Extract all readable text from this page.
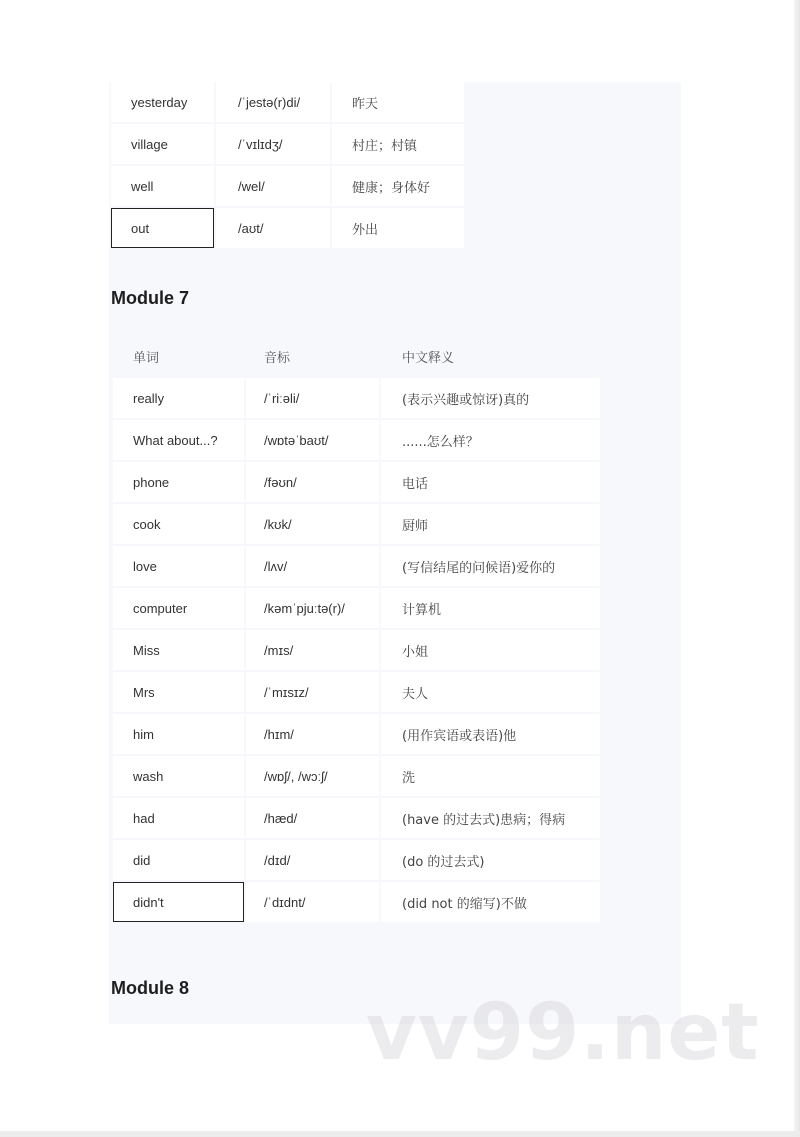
yesterday	/ˈjestə(r)di/	昨天
village	/ˈvɪlɪdʒ/	村庄；村镇
well	/wel/	健康；身体好
out	/aʊt/	外出
Module 7
单词	音标	中文释义
really	/ˈriːəli/	(表示兴趣或惊讶)真的
What about...?	/wɒtəˈbaʊt/	......怎么样？
phone	/fəʊn/	电话
cook	/kʊk/	厨师
love	/lʌv/	(写信结尾的问候语)爱你的
computer	/kəmˈpjuːtə(r)/	计算机
Miss	/mɪs/	小姐
Mrs	/ˈmɪsɪz/	夫人
him	/hɪm/	(用作宾语或表语)他
wash	/wɒʃ/, /wɔːʃ/	洗
had	/hæd/	(have 的过去式)患病；得病
did	/dɪd/	(do 的过去式)
didn't	/ˈdɪdnt/	(did not 的缩写)不做
Module 8 vv99.net
